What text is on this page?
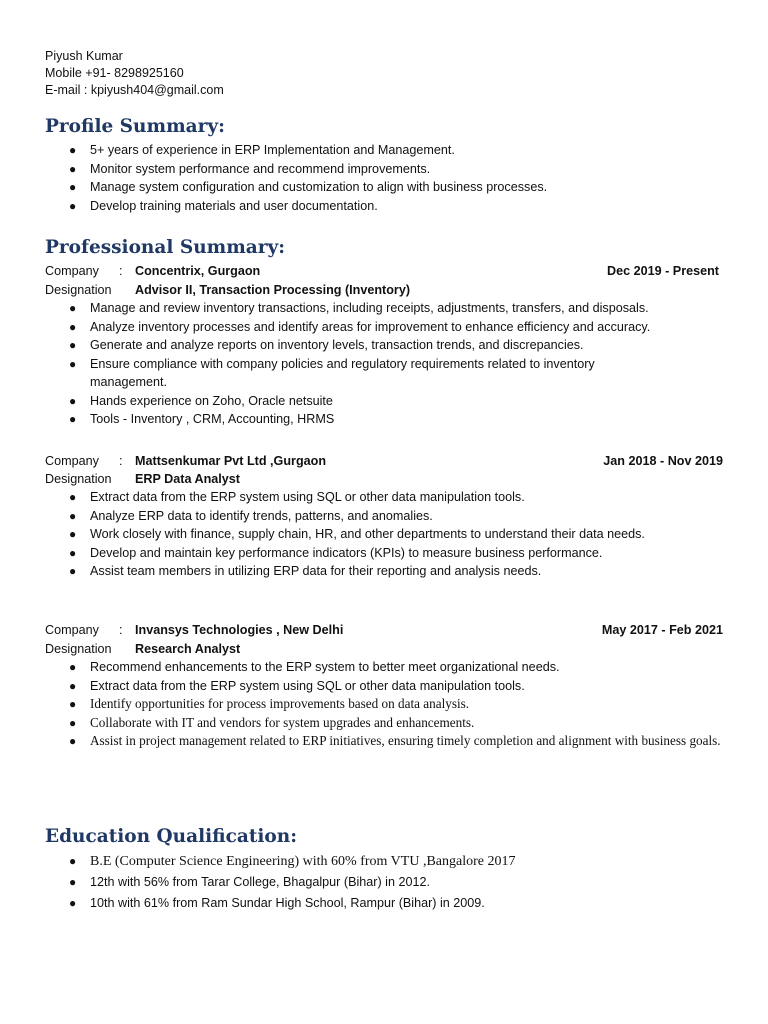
Piyush Kumar
Mobile +91- 8298925160
E-mail : kpiyush404@gmail.com
Profile Summary:
● 5+ years of experience in ERP Implementation and Management.
● Monitor system performance and recommend improvements.
● Manage system configuration and customization to align with business processes.
● Develop training materials and user documentation.
Professional Summary:
Company : Concentrix, Gurgaon	Dec 2019 - Present
Designation Advisor II, Transaction Processing (Inventory)
● Manage and review inventory transactions, including receipts, adjustments, transfers, and disposals.
● Analyze inventory processes and identify areas for improvement to enhance efficiency and accuracy.
● Generate and analyze reports on inventory levels, transaction trends, and discrepancies.
● Ensure compliance with company policies and regulatory requirements related to inventory management.
● Hands experience on Zoho, Oracle netsuite
● Tools - Inventory , CRM, Accounting, HRMS
Company : Mattsenkumar Pvt Ltd ,Gurgaon	Jan 2018 - Nov 2019
Designation ERP Data Analyst
● Extract data from the ERP system using SQL or other data manipulation tools.
● Analyze ERP data to identify trends, patterns, and anomalies.
● Work closely with finance, supply chain, HR, and other departments to understand their data needs.
● Develop and maintain key performance indicators (KPIs) to measure business performance.
● Assist team members in utilizing ERP data for their reporting and analysis needs.
Company : Invansys Technologies , New Delhi	May 2017 - Feb 2021
Designation Research Analyst
● Recommend enhancements to the ERP system to better meet organizational needs.
● Extract data from the ERP system using SQL or other data manipulation tools.
● Identify opportunities for process improvements based on data analysis.
● Collaborate with IT and vendors for system upgrades and enhancements.
● Assist in project management related to ERP initiatives, ensuring timely completion and alignment with business goals.
Education Qualification:
● B.E (Computer Science Engineering) with 60% from VTU ,Bangalore 2017
● 12th with 56% from Tarar College, Bhagalpur (Bihar) in 2012.
● 10th with 61% from Ram Sundar High School, Rampur (Bihar) in 2009.
